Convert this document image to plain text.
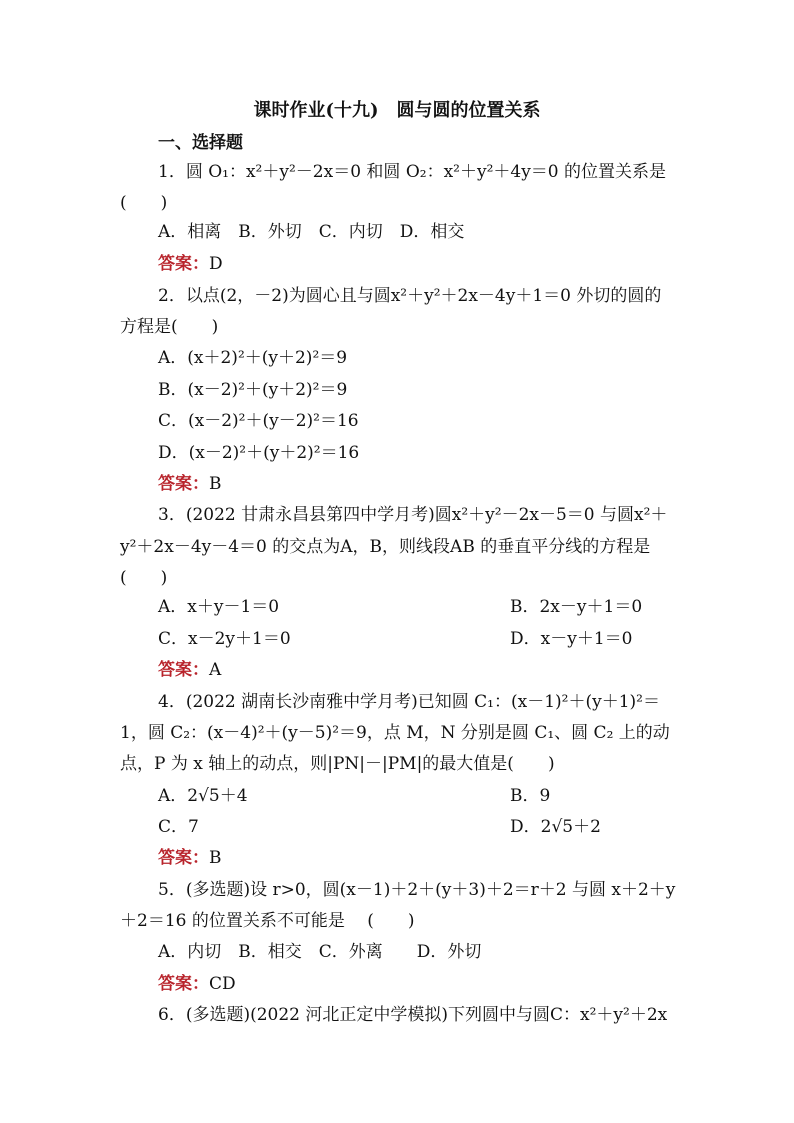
课时作业(十九)　圆与圆的位置关系
一、选择题
1．圆 O₁：x²＋y²－2x＝0 和圆 O₂：x²＋y²＋4y＝0 的位置关系是
(　　)
A．相离　B．外切　C．内切　D．相交
答案：D
2．以点(2，－2)为圆心且与圆x²＋y²＋2x－4y＋1＝0 外切的圆的
方程是(　　)
A．(x＋2)²＋(y＋2)²＝9
B．(x－2)²＋(y＋2)²＝9
C．(x－2)²＋(y－2)²＝16
D．(x－2)²＋(y＋2)²＝16
答案：B
3．(2022 甘肃永昌县第四中学月考)圆x²＋y²－2x－5＝0 与圆x²＋
y²＋2x－4y－4＝0 的交点为A，B，则线段AB 的垂直平分线的方程是
(　　)
A．x＋y－1＝0	B．2x－y＋1＝0
C．x－2y＋1＝0	D．x－y＋1＝0
答案：A
4．(2022 湖南长沙南雅中学月考)已知圆 C₁：(x－1)²＋(y＋1)²＝
1，圆 C₂：(x－4)²＋(y－5)²＝9，点 M，N 分别是圆 C₁、圆 C₂ 上的动
点，P 为 x 轴上的动点，则|PN|－|PM|的最大值是(　　)
A．2√5＋4	B．9
C．7	D．2√5＋2
答案：B
5．(多选题)设 r>0，圆(x－1)＋2＋(y＋3)＋2＝r＋2 与圆 x＋2＋y
＋2＝16 的位置关系不可能是　 (　　)
A．内切　B．相交　C．外离　　D．外切
答案：CD
6．(多选题)(2022 河北正定中学模拟)下列圆中与圆C：x²＋y²＋2x
